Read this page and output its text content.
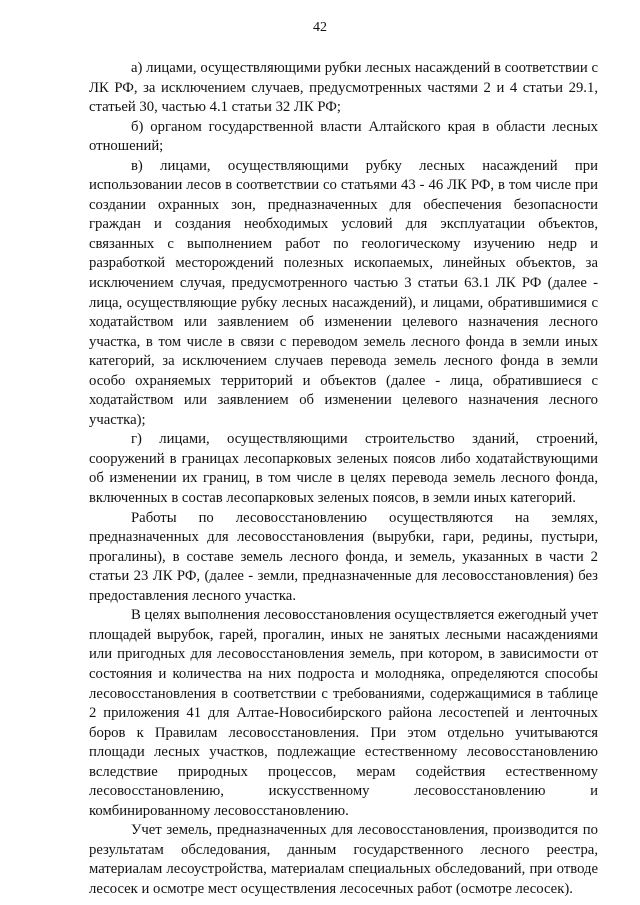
42

а) лицами, осуществляющими рубки лесных насаждений в соответствии с ЛК РФ, за исключением случаев, предусмотренных частями 2 и 4 статьи 29.1, статьей 30, частью 4.1 статьи 32 ЛК РФ;

б) органом государственной власти Алтайского края в области лесных отношений;

в) лицами, осуществляющими рубку лесных насаждений при использовании лесов в соответствии со статьями 43 - 46 ЛК РФ, в том числе при создании охранных зон, предназначенных для обеспечения безопасности граждан и создания необходимых условий для эксплуатации объектов, связанных с выполнением работ по геологическому изучению недр и разработкой месторождений полезных ископаемых, линейных объектов, за исключением случая, предусмотренного частью 3 статьи 63.1 ЛК РФ (далее - лица, осуществляющие рубку лесных насаждений), и лицами, обратившимися с ходатайством или заявлением об изменении целевого назначения лесного участка, в том числе в связи с переводом земель лесного фонда в земли иных категорий, за исключением случаев перевода земель лесного фонда в земли особо охраняемых территорий и объектов (далее - лица, обратившиеся с ходатайством или заявлением об изменении целевого назначения лесного участка);

г) лицами, осуществляющими строительство зданий, строений, сооружений в границах лесопарковых зеленых поясов либо ходатайствующими об изменении их границ, в том числе в целях перевода земель лесного фонда, включенных в состав лесопарковых зеленых поясов, в земли иных категорий.

Работы по лесовосстановлению осуществляются на землях, предназначенных для лесовосстановления (вырубки, гари, редины, пустыри, прогалины), в составе земель лесного фонда, и земель, указанных в части 2 статьи 23 ЛК РФ, (далее - земли, предназначенные для лесовосстановления) без предоставления лесного участка.

В целях выполнения лесовосстановления осуществляется ежегодный учет площадей вырубок, гарей, прогалин, иных не занятых лесными насаждениями или пригодных для лесовосстановления земель, при котором, в зависимости от состояния и количества на них подроста и молодняка, определяются способы лесовосстановления в соответствии с требованиями, содержащимися в таблице 2 приложения 41 для Алтае-Новосибирского района лесостепей и ленточных боров к Правилам лесовосстановления. При этом отдельно учитываются площади лесных участков, подлежащие естественному лесовосстановлению вследствие природных процессов, мерам содействия естественному лесовосстановлению, искусственному лесовосстановлению и комбинированному лесовосстановлению.

Учет земель, предназначенных для лесовосстановления, производится по результатам обследования, данным государственного лесного реестра, материалам лесоустройства, материалам специальных обследований, при отводе лесосек и осмотре мест осуществления лесосечных работ (осмотре лесосек).
